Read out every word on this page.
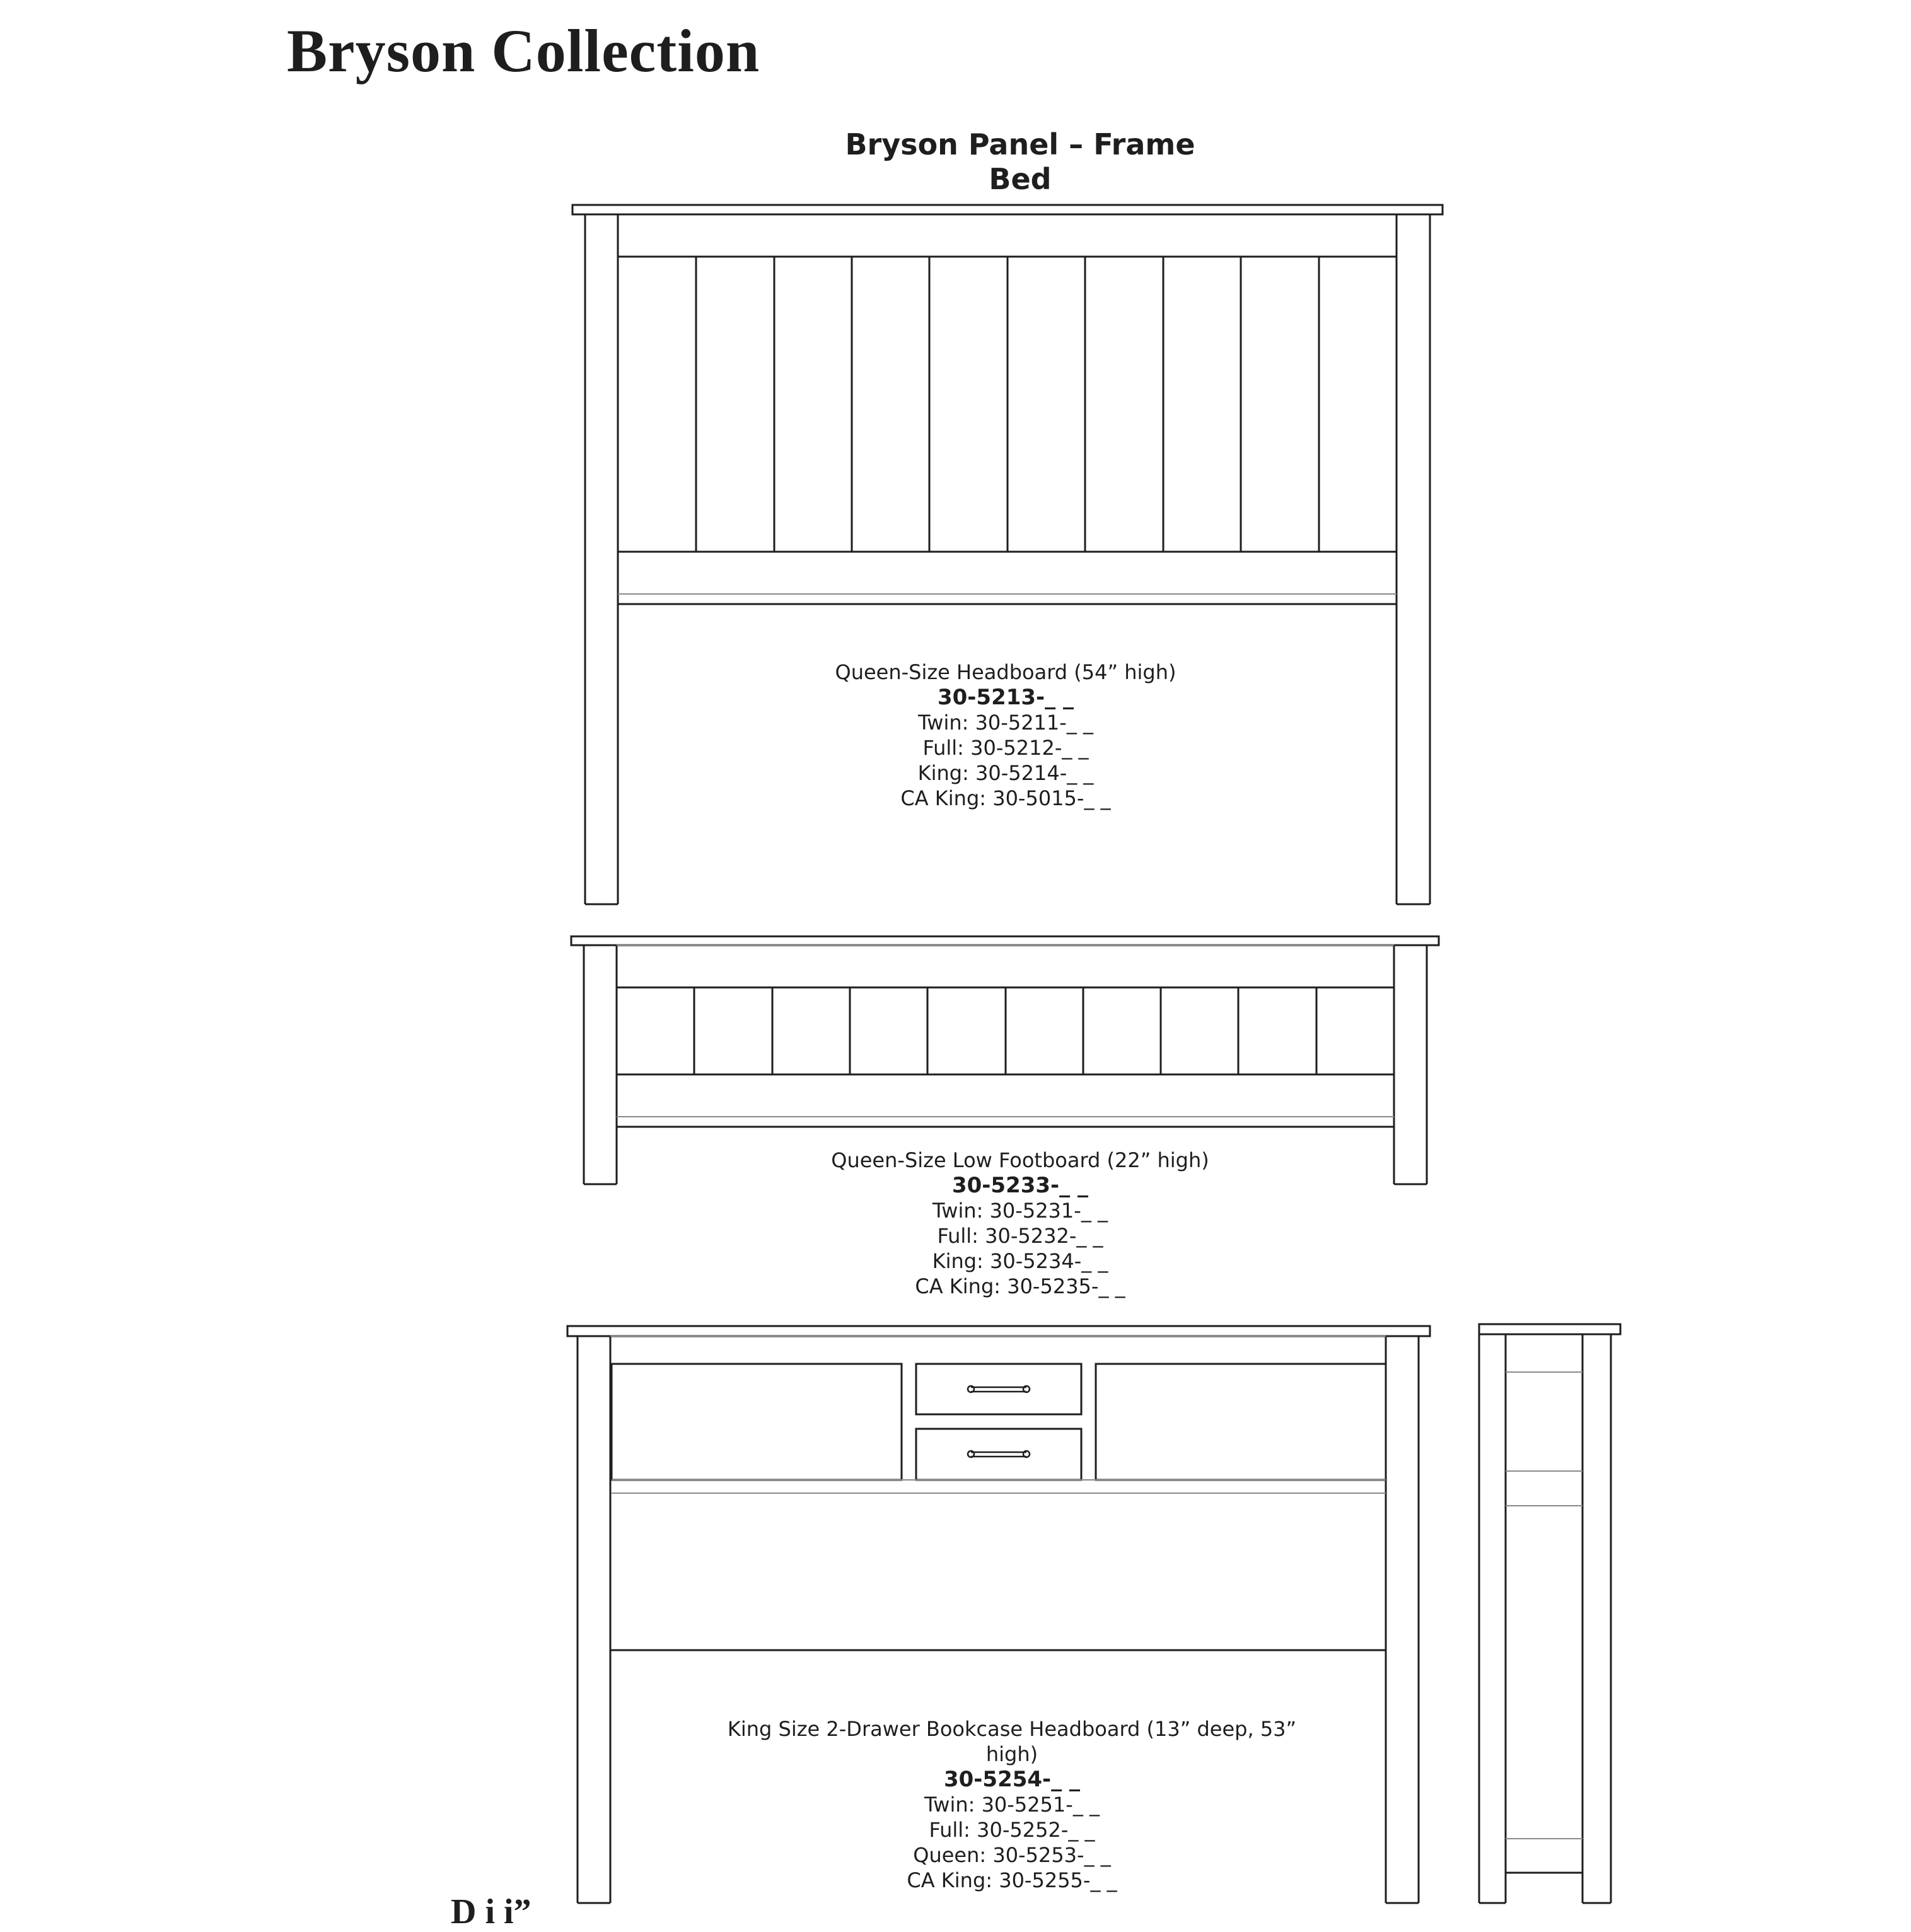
Bryson Collection
Bryson Panel – Frame Bed
Queen-Size Headboard (54” high)
30-5213-_ _
Twin: 30-5211-_ _
Full: 30-5212-_ _
King: 30-5214-_ _
CA King: 30-5015-_ _
Queen-Size Low Footboard (22” high)
30-5233-_ _
Twin: 30-5231-_ _
Full: 30-5232-_ _
King: 30-5234-_ _
CA King: 30-5235-_ _
King Size 2-Drawer Bookcase Headboard (13” deep, 53”
high)
30-5254-_ _
Twin: 30-5251-_ _
Full: 30-5252-_ _
Queen: 30-5253-_ _
CA King: 30-5255-_ _
D i i”
